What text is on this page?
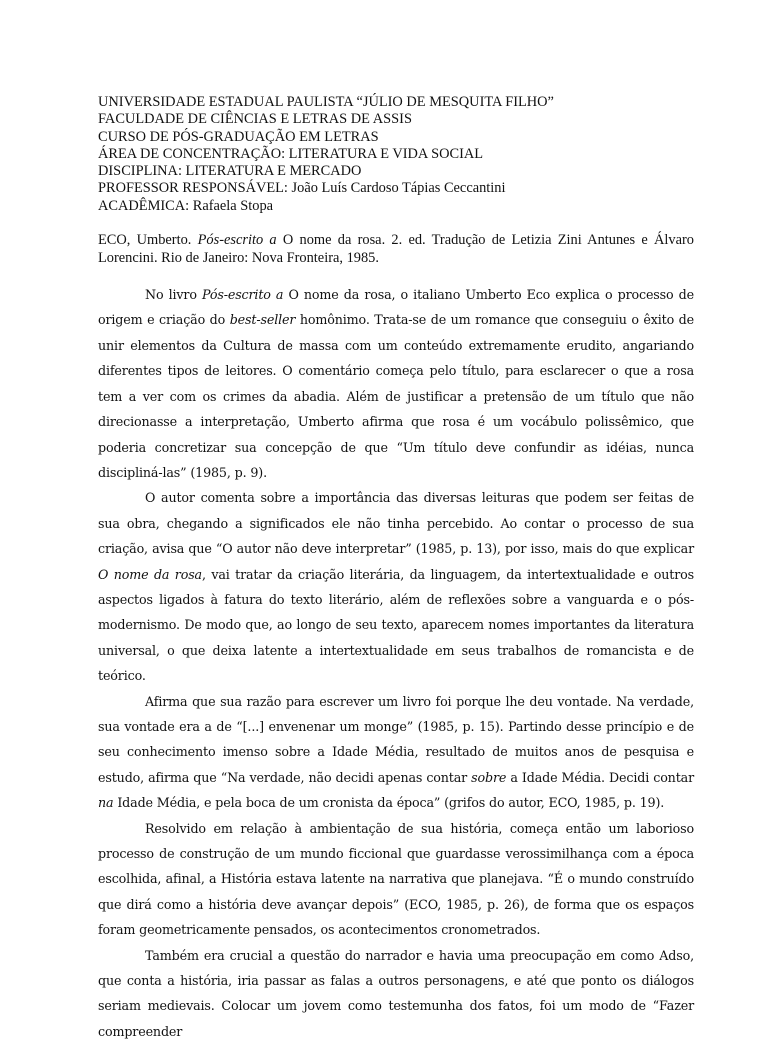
UNIVERSIDADE ESTADUAL PAULISTA “JÚLIO DE MESQUITA FILHO”
FACULDADE DE CIÊNCIAS E LETRAS DE ASSIS
CURSO DE PÓS-GRADUAÇÃO EM LETRAS
ÁREA DE CONCENTRAÇÃO: LITERATURA E VIDA SOCIAL
DISCIPLINA: LITERATURA E MERCADO
PROFESSOR RESPONSÁVEL: João Luís Cardoso Tápias Ceccantini
ACADÊMICA: Rafaela Stopa
ECO, Umberto. Pós-escrito a O nome da rosa. 2. ed. Tradução de Letizia Zini Antunes e Álvaro Lorencini. Rio de Janeiro: Nova Fronteira, 1985.

No livro Pós-escrito a O nome da rosa, o italiano Umberto Eco explica o processo de origem e criação do best-seller homônimo. Trata-se de um romance que conseguiu o êxito de unir elementos da Cultura de massa com um conteúdo extremamente erudito, angariando diferentes tipos de leitores. O comentário começa pelo título, para esclarecer o que a rosa tem a ver com os crimes da abadia. Além de justificar a pretensão de um título que não direcionasse a interpretação, Umberto afirma que rosa é um vocábulo polissêmico, que poderia concretizar sua concepção de que “Um título deve confundir as idéias, nunca discipliná-las” (1985, p. 9).

O autor comenta sobre a importância das diversas leituras que podem ser feitas de sua obra, chegando a significados ele não tinha percebido. Ao contar o processo de sua criação, avisa que “O autor não deve interpretar” (1985, p. 13), por isso, mais do que explicar O nome da rosa, vai tratar da criação literária, da linguagem, da intertextualidade e outros aspectos ligados à fatura do texto literário, além de reflexões sobre a vanguarda e o pós-modernismo. De modo que, ao longo de seu texto, aparecem nomes importantes da literatura universal, o que deixa latente a intertextualidade em seus trabalhos de romancista e de teórico.

Afirma que sua razão para escrever um livro foi porque lhe deu vontade. Na verdade, sua vontade era a de “[...] envenenar um monge” (1985, p. 15). Partindo desse princípio e de seu conhecimento imenso sobre a Idade Média, resultado de muitos anos de pesquisa e estudo, afirma que “Na verdade, não decidi apenas contar sobre a Idade Média. Decidi contar na Idade Média, e pela boca de um cronista da época” (grifos do autor, ECO, 1985, p. 19).

Resolvido em relação à ambientação de sua história, começa então um laborioso processo de construção de um mundo ficcional que guardasse verossimilhança com a época escolhida, afinal, a História estava latente na narrativa que planejava. “É o mundo construído que dirá como a história deve avançar depois” (ECO, 1985, p. 26), de forma que os espaços foram geometricamente pensados, os acontecimentos cronometrados.

Também era crucial a questão do narrador e havia uma preocupação em como Adso, que conta a história, iria passar as falas a outros personagens, e até que ponto os diálogos seriam medievais. Colocar um jovem como testemunha dos fatos, foi um modo de “Fazer compreender
